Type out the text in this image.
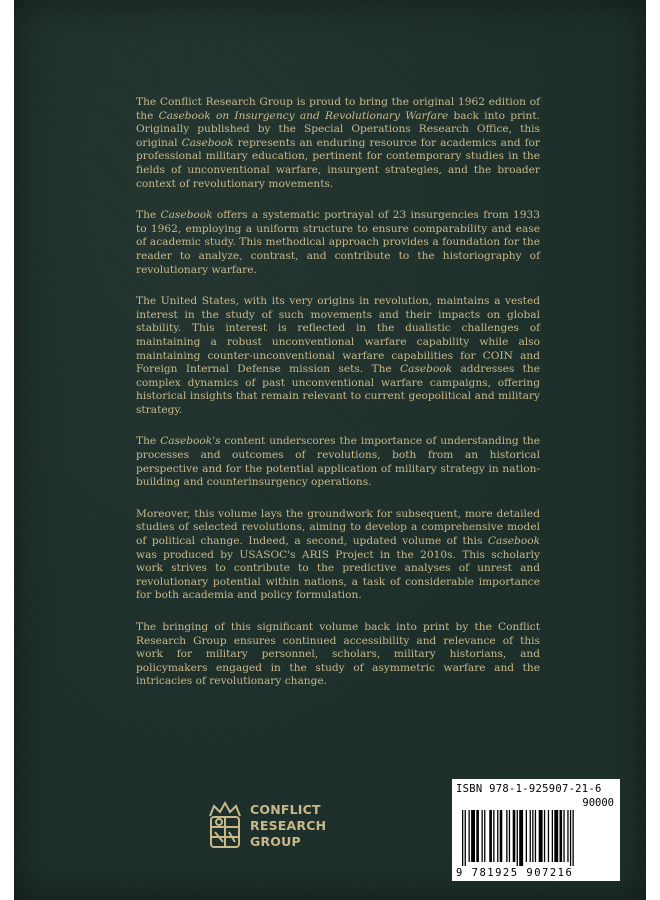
The Conflict Research Group is proud to bring the original 1962 edition of the Casebook on Insurgency and Revolutionary Warfare back into print. Originally published by the Special Operations Research Office, this original Casebook represents an enduring resource for academics and for professional military education, pertinent for contemporary studies in the fields of unconventional warfare, insurgent strategies, and the broader context of revolutionary movements.

The Casebook offers a systematic portrayal of 23 insurgencies from 1933 to 1962, employing a uniform structure to ensure comparability and ease of academic study. This methodical approach provides a foundation for the reader to analyze, contrast, and contribute to the historiography of revolutionary warfare.

The United States, with its very origins in revolution, maintains a vested interest in the study of such movements and their impacts on global stability. This interest is reflected in the dualistic challenges of maintaining a robust unconventional warfare capability while also maintaining counter-unconventional warfare capabilities for COIN and Foreign Internal Defense mission sets. The Casebook addresses the complex dynamics of past unconventional warfare campaigns, offering historical insights that remain relevant to current geopolitical and military strategy.

The Casebook's content underscores the importance of understanding the processes and outcomes of revolutions, both from an historical perspective and for the potential application of military strategy in nation-building and counterinsurgency operations.

Moreover, this volume lays the groundwork for subsequent, more detailed studies of selected revolutions, aiming to develop a comprehensive model of political change. Indeed, a second, updated volume of this Casebook was produced by USASOC's ARIS Project in the 2010s. This scholarly work strives to contribute to the predictive analyses of unrest and revolutionary potential within nations, a task of considerable importance for both academia and policy formulation.

The bringing of this significant volume back into print by the Conflict Research Group ensures continued accessibility and relevance of this work for military personnel, scholars, military historians, and policymakers engaged in the study of asymmetric warfare and the intricacies of revolutionary change.

CONFLICT
RESEARCH
GROUP
ISBN 978-1-925907-21-6
90000
9 781925 907216
